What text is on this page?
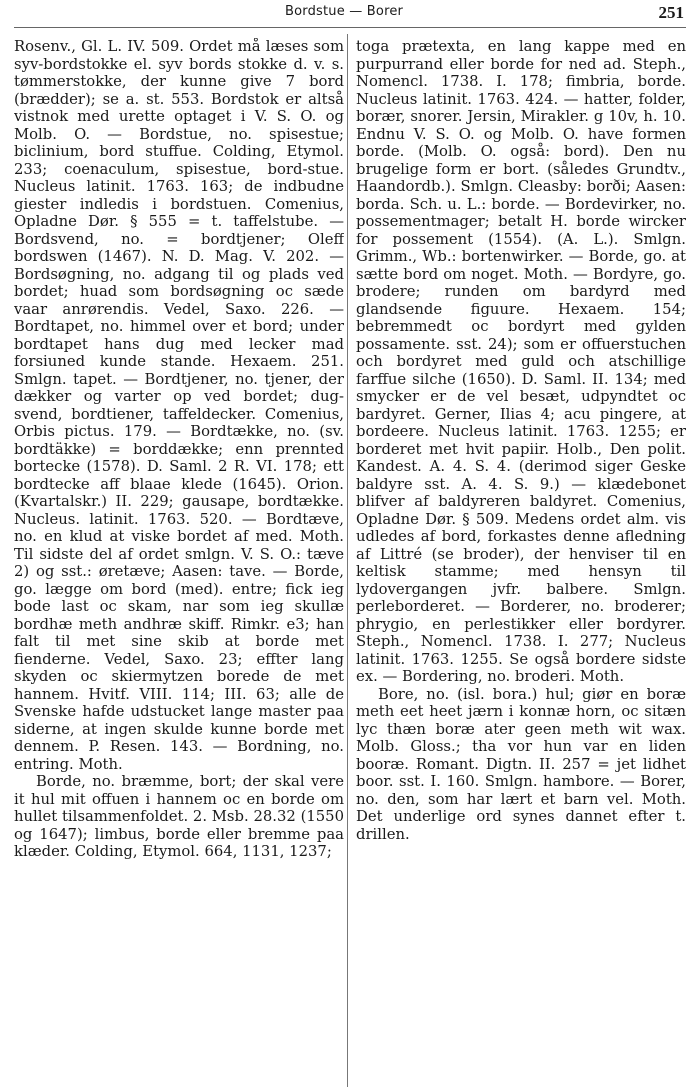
Bordstue — Borer	251

Rosenv., Gl. L. IV. 509. Ordet må læses som syv-bordstokke el. syv bords stokke d. v. s. tømmerstokke, der kunne give 7 bord (brædder); se a. st. 553. Bordstok er altså vistnok med urette optaget i V. S. O. og Molb. O. — Bordstue, no. spisestue; biclinium, bord stuffue. Colding, Etymol. 233; coenaculum, spisestue, bord-stue. Nucleus latinit. 1763. 163; de indbudne giester indledis i bordstuen. Comenius, Opladne Dør. § 555 = t. taffelstube. — Bordsvend, no. = bordtjener; Oleff bordswen (1467). N. D. Mag. V. 202. — Bordsøgning, no. adgang til og plads ved bordet; huad som bordsøgning oc sæde vaar anrørendis. Vedel, Saxo. 226. — Bordtapet, no. himmel over et bord; under bordtapet hans dug med lecker mad forsiuned kunde stande. Hexaem. 251. Smlgn. tapet. — Bordtjener, no. tjener, der dækker og varter op ved bordet; dug-svend, bordtiener, taffeldecker. Comenius, Orbis pictus. 179. — Bordtække, no. (sv. bordtäkke) = borddække; enn prennted bortecke (1578). D. Saml. 2 R. VI. 178; ett bordtecke aff blaae klede (1645). Orion. (Kvartalskr.) II. 229; gausape, bordtække. Nucleus. latinit. 1763. 520. — Bordtæve, no. en klud at viske bordet af med. Moth. Til sidste del af ordet smlgn. V. S. O.: tæve 2) og sst.: øretæve; Aasen: tave. — Borde, go. lægge om bord (med). entre; fick ieg bode last oc skam, nar som ieg skullæ bordhæ meth andhræ skiff. Rimkr. e3; han falt til met sine skib at borde met fienderne. Vedel, Saxo. 23; effter lang skyden oc skiermytzen borede de met hannem. Hvitf. VIII. 114; III. 63; alle de Svenske hafde udstucket lange master paa siderne, at ingen skulde kunne borde met dennem. P. Resen. 143. — Bordning, no. entring. Moth.

Borde, no. bræmme, bort; der skal vere it hul mit offuen i hannem oc en borde om hullet tilsammenfoldet. 2. Msb. 28.32 (1550 og 1647); limbus, borde eller bremme paa klæder. Colding, Etymol. 664, 1131, 1237;

toga prætexta, en lang kappe med en purpurrand eller borde for ned ad. Steph., Nomencl. 1738. I. 178; fimbria, borde. Nucleus latinit. 1763. 424. — hatter, folder, borær, snorer. Jersin, Mirakler. g 10v, h. 10. Endnu V. S. O. og Molb. O. have formen borde. (Molb. O. også: bord). Den nu brugelige form er bort. (således Grundtv., Haandordb.). Smlgn. Cleasby: borði; Aasen: borda. Sch. u. L.: borde. — Bordevirker, no. possementmager; betalt H. borde wircker for possement (1554). (A. L.). Smlgn. Grimm., Wb.: bortenwirker. — Borde, go. at sætte bord om noget. Moth. — Bordyre, go. brodere; runden om bardyrd med glandsende figuure. Hexaem. 154; bebremmedt oc bordyrt med gylden possamente. sst. 24); som er offuerstuchen och bordyret med guld och atschillige farffue silche (1650). D. Saml. II. 134; med smycker er de vel besæt, udpyndtet oc bardyret. Gerner, Ilias 4; acu pingere, at bordeere. Nucleus latinit. 1763. 1255; er borderet met hvit papiir. Holb., Den polit. Kandest. A. 4. S. 4. (derimod siger Geske baldyre sst. A. 4. S. 9.) — klædebonet blifver af baldyreren baldyret. Comenius, Opladne Dør. § 509. Medens ordet alm. vis udledes af bord, forkastes denne afledning af Littré (se broder), der henviser til en keltisk stamme; med hensyn til lydovergangen jvfr. balbere. Smlgn. perleborderet. — Borderer, no. broderer; phrygio, en perlestikker eller bordyrer. Steph., Nomencl. 1738. I. 277; Nucleus latinit. 1763. 1255. Se også bordere sidste ex. — Bordering, no. broderi. Moth.

Bore, no. (isl. bora.) hul; giør en boræ meth eet heet jærn i konnæ horn, oc sitæn lyc thæn boræ ater geen meth wit wax. Molb. Gloss.; tha vor hun var en liden booræ. Romant. Digtn. II. 257 = jet lidhet boor. sst. I. 160. Smlgn. hambore. — Borer, no. den, som har lært et barn vel. Moth. Det underlige ord synes dannet efter t. drillen.
